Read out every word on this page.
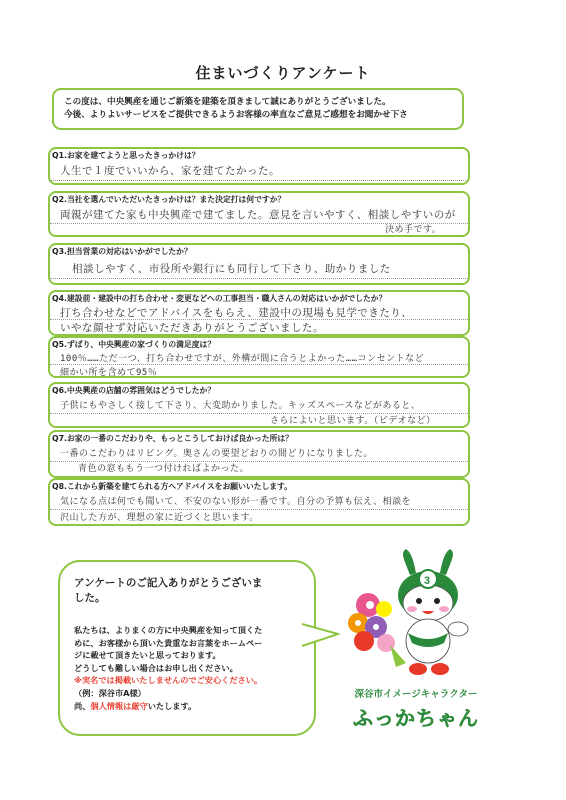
住まいづくりアンケート
この度は、中央興産を通じご新築を建築を頂きまして誠にありがとうございました。
今後、よりよいサービスをご提供できるようお客様の率直なご意見ご感想をお聞かせ下さ
Q1.お家を建てようと思ったきっかけは？
人生で１度でいいから、家を建てたかった。
Q2.当社を選んでいただいたきっかけは？また決定打は何ですか？
両親が建てた家も中央興産で建てました。意見を言いやすく、相談しやすいのが
決め手です。
Q3.担当営業の対応はいかがでしたか？
相談しやすく、市役所や銀行にも同行して下さり、助かりました
Q4.建設前・建設中の打ち合わせ・変更などへの工事担当・職人さんの対応はいかがでしたか？
打ち合わせなどでアドバイスをもらえ、建設中の現場も見学できたり、
いやな顔せず対応いただきありがとうございました。
Q5.ずばり、中央興産の家づくりの満足度は？
100％……ただ一つ、打ち合わせですが、外構が間に合うとよかった……コンセントなど
細かい所を含めて95％
Q6.中央興産の店舗の雰囲気はどうでしたか？
子供にもやさしく接して下さり、大変助かりました。キッズスペースなどがあると、
さらによいと思います。（ビデオなど）
Q7.お家の一番のこだわりや、もっとこうしておけば良かった所は？
一番のこだわりはリビング。奥さんの要望どおりの間どりになりました。
青色の窓ももう一つ付ければよかった。
Q8.これから新築を建てられる方へアドバイスをお願いいたします。
気になる点は何でも聞いて、不安のない形が一番です。自分の予算も伝え、相談を
沢山した方が、理想の家に近づくと思います。
アンケートのご記入ありがとうございま
した。
私たちは、よりまくの方に中央興産を知って頂くた
めに、お客様から頂いた貴重なお言葉をホームペー
ジに載せて頂きたいと思っております。
どうしても難しい場合はお申し出ください。
※実名では掲載いたしませんのでご安心ください。
（例：深谷市A様）
尚、個人情報は厳守いたします。
3
深谷市イメージキャラクター
ふっかちゃん
